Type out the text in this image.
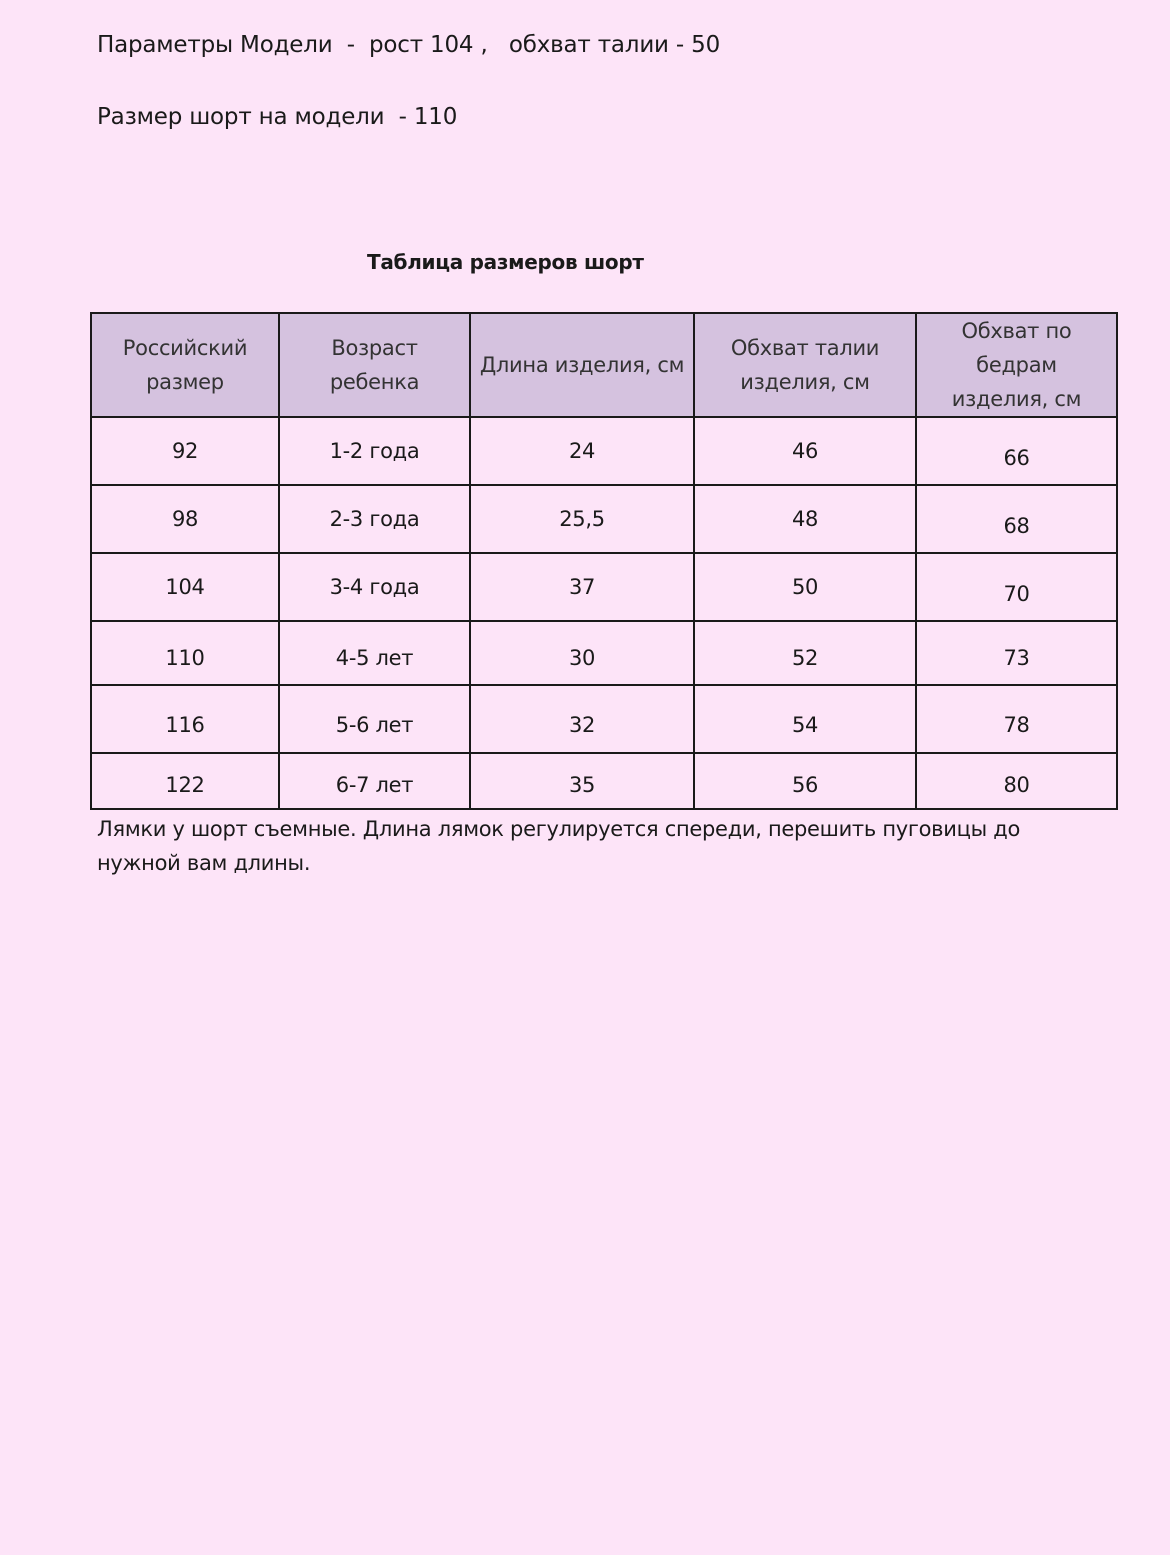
Параметры Модели  -  рост 104 ,   обхват талии - 50
Размер шорт на модели  - 110
Таблица размеров шорт
Российский размер	Возраст ребенка	Длина изделия, см	Обхват талии изделия, см	Обхват по бедрам изделия, см
92	1-2 года	24	46	66
98	2-3 года	25,5	48	68
104	3-4 года	37	50	70
110	4-5 лет	30	52	73
116	5-6 лет	32	54	78
122	6-7 лет	35	56	80
Лямки у шорт съемные. Длина лямок регулируется спереди, перешить пуговицы до нужной вам длины.
